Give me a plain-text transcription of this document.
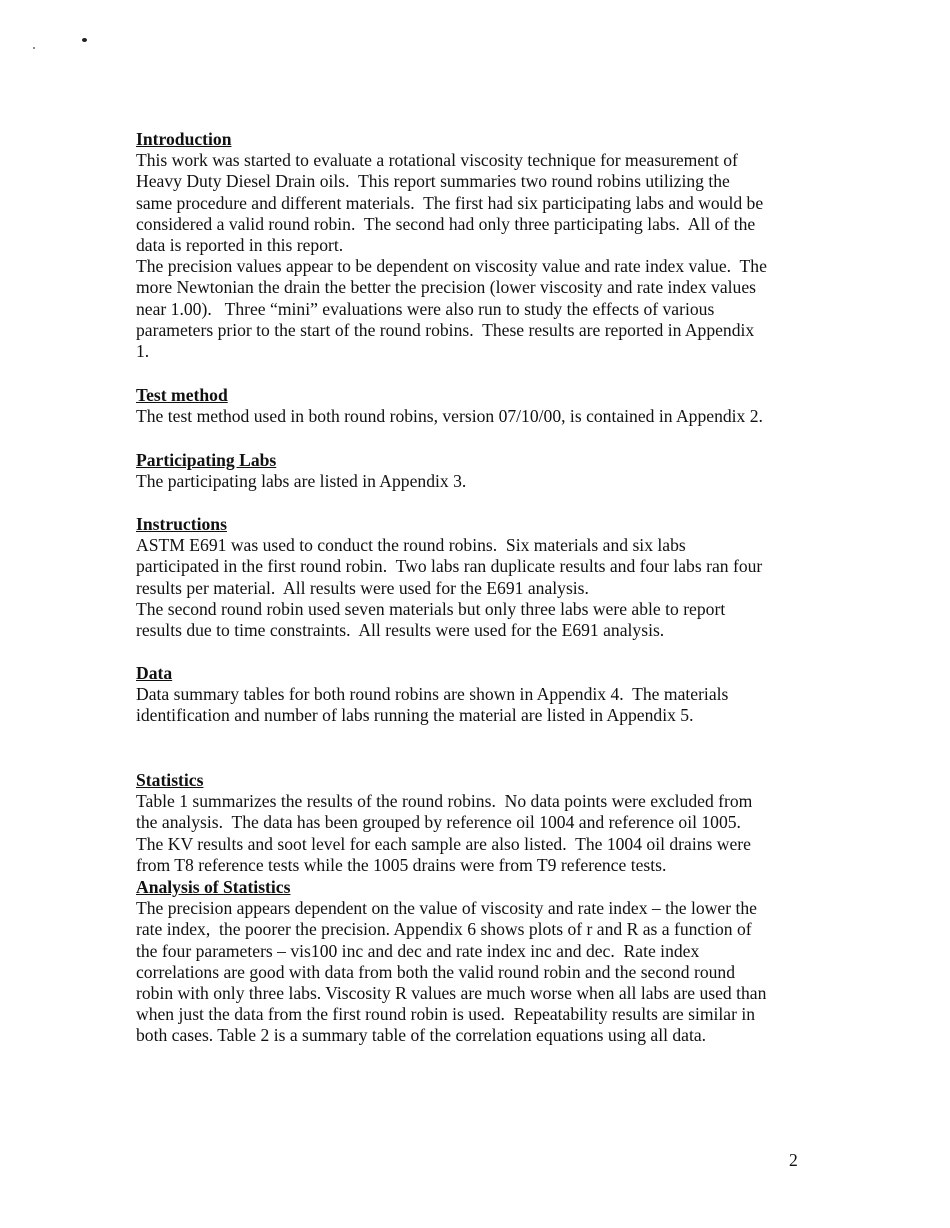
Introduction
This work was started to evaluate a rotational viscosity technique for measurement of
Heavy Duty Diesel Drain oils.  This report summaries two round robins utilizing the
same procedure and different materials.  The first had six participating labs and would be
considered a valid round robin.  The second had only three participating labs.  All of the
data is reported in this report.
The precision values appear to be dependent on viscosity value and rate index value.  The
more Newtonian the drain the better the precision (lower viscosity and rate index values
near 1.00).   Three “mini” evaluations were also run to study the effects of various
parameters prior to the start of the round robins.  These results are reported in Appendix
1.
Test method
The test method used in both round robins, version 07/10/00, is contained in Appendix 2.
Participating Labs
The participating labs are listed in Appendix 3.
Instructions
ASTM E691 was used to conduct the round robins.  Six materials and six labs
participated in the first round robin.  Two labs ran duplicate results and four labs ran four
results per material.  All results were used for the E691 analysis.
The second round robin used seven materials but only three labs were able to report
results due to time constraints.  All results were used for the E691 analysis.
Data
Data summary tables for both round robins are shown in Appendix 4.  The materials
identification and number of labs running the material are listed in Appendix 5.
Statistics
Table 1 summarizes the results of the round robins.  No data points were excluded from
the analysis.  The data has been grouped by reference oil 1004 and reference oil 1005.
The KV results and soot level for each sample are also listed.  The 1004 oil drains were
from T8 reference tests while the 1005 drains were from T9 reference tests.
Analysis of Statistics
The precision appears dependent on the value of viscosity and rate index – the lower the
rate index,  the poorer the precision. Appendix 6 shows plots of r and R as a function of
the four parameters – vis100 inc and dec and rate index inc and dec.  Rate index
correlations are good with data from both the valid round robin and the second round
robin with only three labs. Viscosity R values are much worse when all labs are used than
when just the data from the first round robin is used.  Repeatability results are similar in
both cases. Table 2 is a summary table of the correlation equations using all data.
2
